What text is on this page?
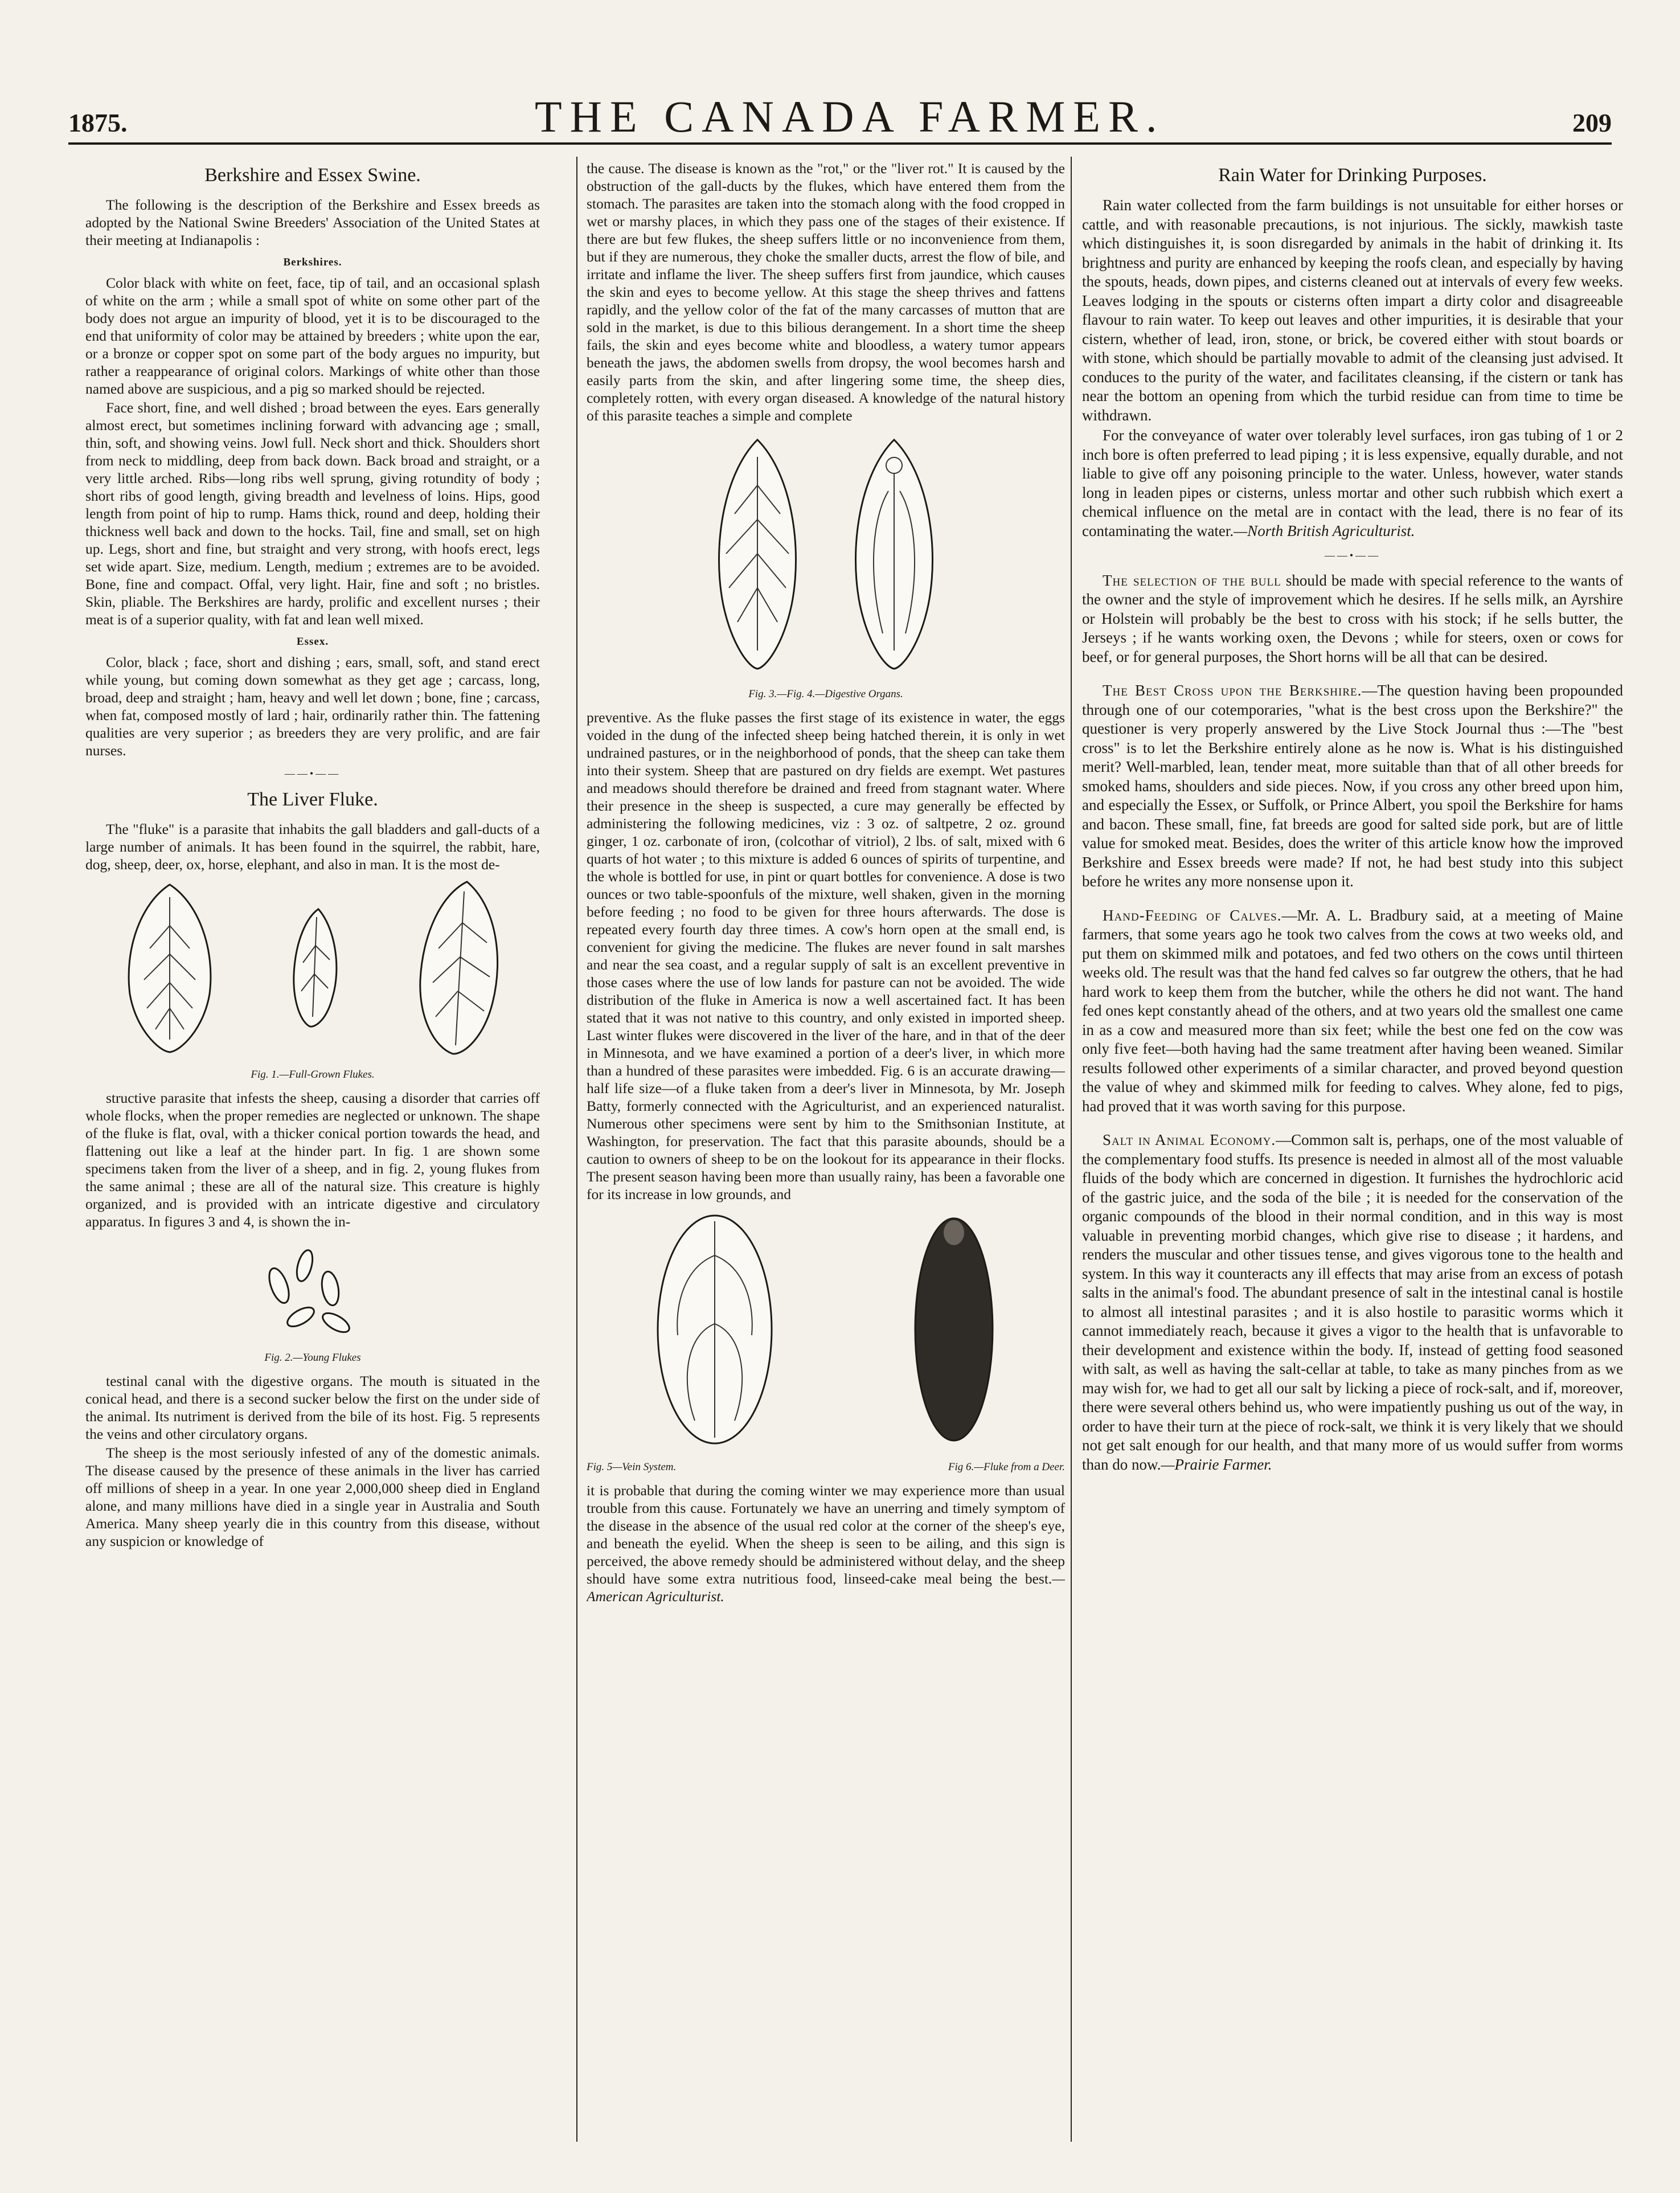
1875.	THE CANADA FARMER.	209
Berkshire and Essex Swine.

The following is the description of the Berkshire and Essex breeds as adopted by the National Swine Breeders' Association of the United States at their meeting at Indianapolis :

Berkshires.

Color black with white on feet, face, tip of tail, and an occasional splash of white on the arm ; while a small spot of white on some other part of the body does not argue an impurity of blood, yet it is to be discouraged to the end that uniformity of color may be attained by breeders ; white upon the ear, or a bronze or copper spot on some part of the body argues no impurity, but rather a reappearance of original colors. Markings of white other than those named above are suspicious, and a pig so marked should be rejected.

Face short, fine, and well dished ; broad between the eyes. Ears generally almost erect, but sometimes inclining forward with advancing age ; small, thin, soft, and showing veins. Jowl full. Neck short and thick. Shoulders short from neck to middling, deep from back down. Back broad and straight, or a very little arched. Ribs—long ribs well sprung, giving rotundity of body ; short ribs of good length, giving breadth and levelness of loins. Hips, good length from point of hip to rump. Hams thick, round and deep, holding their thickness well back and down to the hocks. Tail, fine and small, set on high up. Legs, short and fine, but straight and very strong, with hoofs erect, legs set wide apart. Size, medium. Length, medium ; extremes are to be avoided. Bone, fine and compact. Offal, very light. Hair, fine and soft ; no bristles. Skin, pliable. The Berkshires are hardy, prolific and excellent nurses ; their meat is of a superior quality, with fat and lean well mixed.

Essex.

Color, black ; face, short and dishing ; ears, small, soft, and stand erect while young, but coming down somewhat as they get age ; carcass, long, broad, deep and straight ; ham, heavy and well let down ; bone, fine ; carcass, when fat, composed mostly of lard ; hair, ordinarily rather thin. The fattening qualities are very superior ; as breeders they are very prolific, and are fair nurses.

——•——
The Liver Fluke.

The "fluke" is a parasite that inhabits the gall bladders and gall-ducts of a large number of animals. It has been found in the squirrel, the rabbit, hare, dog, sheep, deer, ox, horse, elephant, and also in man. It is the most de-

Fig. 1.—Full-Grown Flukes.

structive parasite that infests the sheep, causing a disorder that carries off whole flocks, when the proper remedies are neglected or unknown. The shape of the fluke is flat, oval, with a thicker conical portion towards the head, and flattening out like a leaf at the hinder part. In fig. 1 are shown some specimens taken from the liver of a sheep, and in fig. 2, young flukes from the same animal ; these are all of the natural size. This creature is highly organized, and is provided with an intricate digestive and circulatory apparatus. In figures 3 and 4, is shown the in-

Fig. 2.—Young Flukes

testinal canal with the digestive organs. The mouth is situated in the conical head, and there is a second sucker below the first on the under side of the animal. Its nutriment is derived from the bile of its host. Fig. 5 represents the veins and other circulatory organs.

The sheep is the most seriously infested of any of the domestic animals. The disease caused by the presence of these animals in the liver has carried off millions of sheep in a year. In one year 2,000,000 sheep died in England alone, and many millions have died in a single year in Australia and South America. Many sheep yearly die in this country from this disease, without any suspicion or knowledge of

the cause. The disease is known as the "rot," or the "liver rot." It is caused by the obstruction of the gall-ducts by the flukes, which have entered them from the stomach. The parasites are taken into the stomach along with the food cropped in wet or marshy places, in which they pass one of the stages of their existence. If there are but few flukes, the sheep suffers little or no inconvenience from them, but if they are numerous, they choke the smaller ducts, arrest the flow of bile, and irritate and inflame the liver. The sheep suffers first from jaundice, which causes the skin and eyes to become yellow. At this stage the sheep thrives and fattens rapidly, and the yellow color of the fat of the many carcasses of mutton that are sold in the market, is due to this bilious derangement. In a short time the sheep fails, the skin and eyes become white and bloodless, a watery tumor appears beneath the jaws, the abdomen swells from dropsy, the wool becomes harsh and easily parts from the skin, and after lingering some time, the sheep dies, completely rotten, with every organ diseased. A knowledge of the natural history of this parasite teaches a simple and complete

Fig. 3.—Fig. 4.—Digestive Organs.

preventive. As the fluke passes the first stage of its existence in water, the eggs voided in the dung of the infected sheep being hatched therein, it is only in wet undrained pastures, or in the neighborhood of ponds, that the sheep can take them into their system. Sheep that are pastured on dry fields are exempt. Wet pastures and meadows should therefore be drained and freed from stagnant water. Where their presence in the sheep is suspected, a cure may generally be effected by administering the following medicines, viz : 3 oz. of saltpetre, 2 oz. ground ginger, 1 oz. carbonate of iron, (colcothar of vitriol), 2 lbs. of salt, mixed with 6 quarts of hot water ; to this mixture is added 6 ounces of spirits of turpentine, and the whole is bottled for use, in pint or quart bottles for convenience. A dose is two ounces or two table-spoonfuls of the mixture, well shaken, given in the morning before feeding ; no food to be given for three hours afterwards. The dose is repeated every fourth day three times. A cow's horn open at the small end, is convenient for giving the medicine. The flukes are never found in salt marshes and near the sea coast, and a regular supply of salt is an excellent preventive in those cases where the use of low lands for pasture can not be avoided. The wide distribution of the fluke in America is now a well ascertained fact. It has been stated that it was not native to this country, and only existed in imported sheep. Last winter flukes were discovered in the liver of the hare, and in that of the deer in Minnesota, and we have examined a portion of a deer's liver, in which more than a hundred of these parasites were imbedded. Fig. 6 is an accurate drawing—half life size—of a fluke taken from a deer's liver in Minnesota, by Mr. Joseph Batty, formerly connected with the Agriculturist, and an experienced naturalist. Numerous other specimens were sent by him to the Smithsonian Institute, at Washington, for preservation. The fact that this parasite abounds, should be a caution to owners of sheep to be on the lookout for its appearance in their flocks. The present season having been more than usually rainy, has been a favorable one for its increase in low grounds, and

Fig. 5—Vein System.	Fig 6.—Fluke from a Deer.

it is probable that during the coming winter we may experience more than usual trouble from this cause. Fortunately we have an unerring and timely symptom of the disease in the absence of the usual red color at the corner of the sheep's eye, and beneath the eyelid. When the sheep is seen to be ailing, and this sign is perceived, the above remedy should be administered without delay, and the sheep should have some extra nutritious food, linseed-cake meal being the best.—American Agriculturist.

Rain Water for Drinking Purposes.

Rain water collected from the farm buildings is not unsuitable for either horses or cattle, and with reasonable precautions, is not injurious. The sickly, mawkish taste which distinguishes it, is soon disregarded by animals in the habit of drinking it. Its brightness and purity are enhanced by keeping the roofs clean, and especially by having the spouts, heads, down pipes, and cisterns cleaned out at intervals of every few weeks. Leaves lodging in the spouts or cisterns often impart a dirty color and disagreeable flavour to rain water. To keep out leaves and other impurities, it is desirable that your cistern, whether of lead, iron, stone, or brick, be covered either with stout boards or with stone, which should be partially movable to admit of the cleansing just advised. It conduces to the purity of the water, and facilitates cleansing, if the cistern or tank has near the bottom an opening from which the turbid residue can from time to time be withdrawn.

For the conveyance of water over tolerably level surfaces, iron gas tubing of 1 or 2 inch bore is often preferred to lead piping ; it is less expensive, equally durable, and not liable to give off any poisoning principle to the water. Unless, however, water stands long in leaden pipes or cisterns, unless mortar and other such rubbish which exert a chemical influence on the metal are in contact with the lead, there is no fear of its contaminating the water.—North British Agriculturist.

——•——

The selection of the bull should be made with special reference to the wants of the owner and the style of improvement which he desires. If he sells milk, an Ayrshire or Holstein will probably be the best to cross with his stock; if he sells butter, the Jerseys ; if he wants working oxen, the Devons ; while for steers, oxen or cows for beef, or for general purposes, the Short horns will be all that can be desired.

The Best Cross upon the Berkshire.—The question having been propounded through one of our cotemporaries, "what is the best cross upon the Berkshire?" the questioner is very properly answered by the Live Stock Journal thus :—The "best cross" is to let the Berkshire entirely alone as he now is. What is his distinguished merit? Well-marbled, lean, tender meat, more suitable than that of all other breeds for smoked hams, shoulders and side pieces. Now, if you cross any other breed upon him, and especially the Essex, or Suffolk, or Prince Albert, you spoil the Berkshire for hams and bacon. These small, fine, fat breeds are good for salted side pork, but are of little value for smoked meat. Besides, does the writer of this article know how the improved Berkshire and Essex breeds were made? If not, he had best study into this subject before he writes any more nonsense upon it.

Hand-Feeding of Calves.—Mr. A. L. Bradbury said, at a meeting of Maine farmers, that some years ago he took two calves from the cows at two weeks old, and put them on skimmed milk and potatoes, and fed two others on the cows until thirteen weeks old. The result was that the hand fed calves so far outgrew the others, that he had hard work to keep them from the butcher, while the others he did not want. The hand fed ones kept constantly ahead of the others, and at two years old the smallest one came in as a cow and measured more than six feet; while the best one fed on the cow was only five feet—both having had the same treatment after having been weaned. Similar results followed other experiments of a similar character, and proved beyond question the value of whey and skimmed milk for feeding to calves. Whey alone, fed to pigs, had proved that it was worth saving for this purpose.

Salt in Animal Economy.—Common salt is, perhaps, one of the most valuable of the complementary food stuffs. Its presence is needed in almost all of the most valuable fluids of the body which are concerned in digestion. It furnishes the hydrochloric acid of the gastric juice, and the soda of the bile ; it is needed for the conservation of the organic compounds of the blood in their normal condition, and in this way is most valuable in preventing morbid changes, which give rise to disease ; it hardens, and renders the muscular and other tissues tense, and gives vigorous tone to the health and system. In this way it counteracts any ill effects that may arise from an excess of potash salts in the animal's food. The abundant presence of salt in the intestinal canal is hostile to almost all intestinal parasites ; and it is also hostile to parasitic worms which it cannot immediately reach, because it gives a vigor to the health that is unfavorable to their development and existence within the body. If, instead of getting food seasoned with salt, as well as having the salt-cellar at table, to take as many pinches from as we may wish for, we had to get all our salt by licking a piece of rock-salt, and if, moreover, there were several others behind us, who were impatiently pushing us out of the way, in order to have their turn at the piece of rock-salt, we think it is very likely that we should not get salt enough for our health, and that many more of us would suffer from worms than do now.—Prairie Farmer.
